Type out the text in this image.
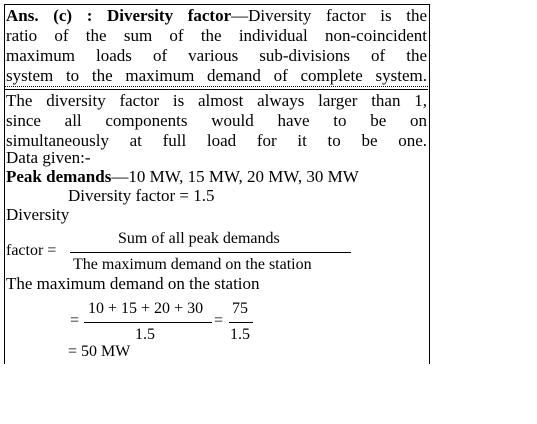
Ans. (c) : Diversity factor—Diversity factor is the
ratio of the sum of the individual non-coincident
maximum loads of various sub-divisions of the
system to the maximum demand of complete system.
The diversity factor is almost always larger than 1,
since all components would have to be on
simultaneously at full load for it to be one.
Data given:-
Peak demands—10 MW, 15 MW, 20 MW, 30 MW
Diversity factor = 1.5
Diversity
factor =
Sum of all peak demands
The maximum demand on the station
The maximum demand on the station
=
10 + 15 + 20 + 30
1.5
=
75
1.5
= 50 MW
